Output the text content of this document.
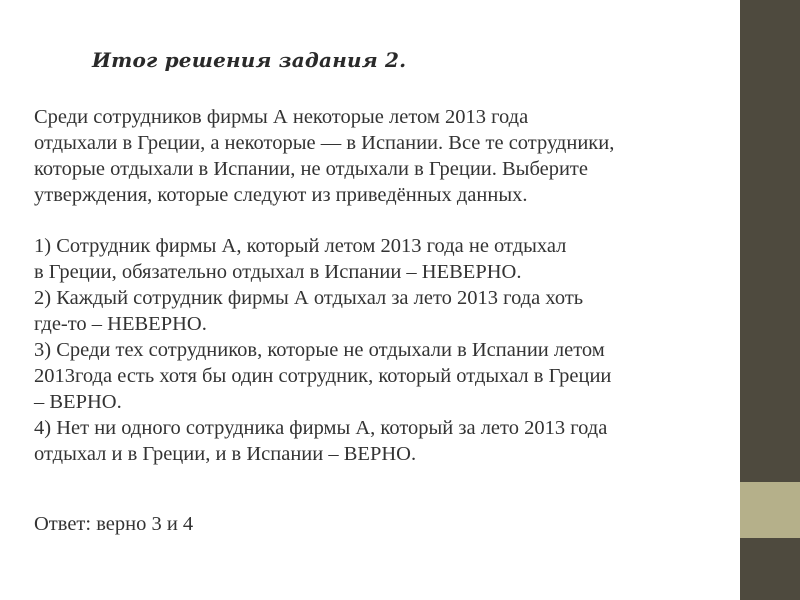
Итог решения задания 2.
Среди сотрудников фирмы А некоторые летом 2013 года
отдыхали в Греции, а некоторые — в Испании. Все те сотрудники,
которые отдыхали в Испании, не отдыхали в Греции. Выберите
утверждения, которые следуют из приведённых данных.
1) Сотрудник фирмы А, который летом 2013 года не отдыхал
в Греции, обязательно отдыхал в Испании – НЕВЕРНО.
2) Каждый сотрудник фирмы А отдыхал за лето 2013 года хоть
где-то – НЕВЕРНО.
3) Среди тех сотрудников, которые не отдыхали в Испании летом
2013года есть хотя бы один сотрудник, который отдыхал в Греции
– ВЕРНО.
4) Нет ни одного сотрудника фирмы А, который за лето 2013 года
отдыхал и в Греции, и в Испании – ВЕРНО.
Ответ: верно 3 и 4
